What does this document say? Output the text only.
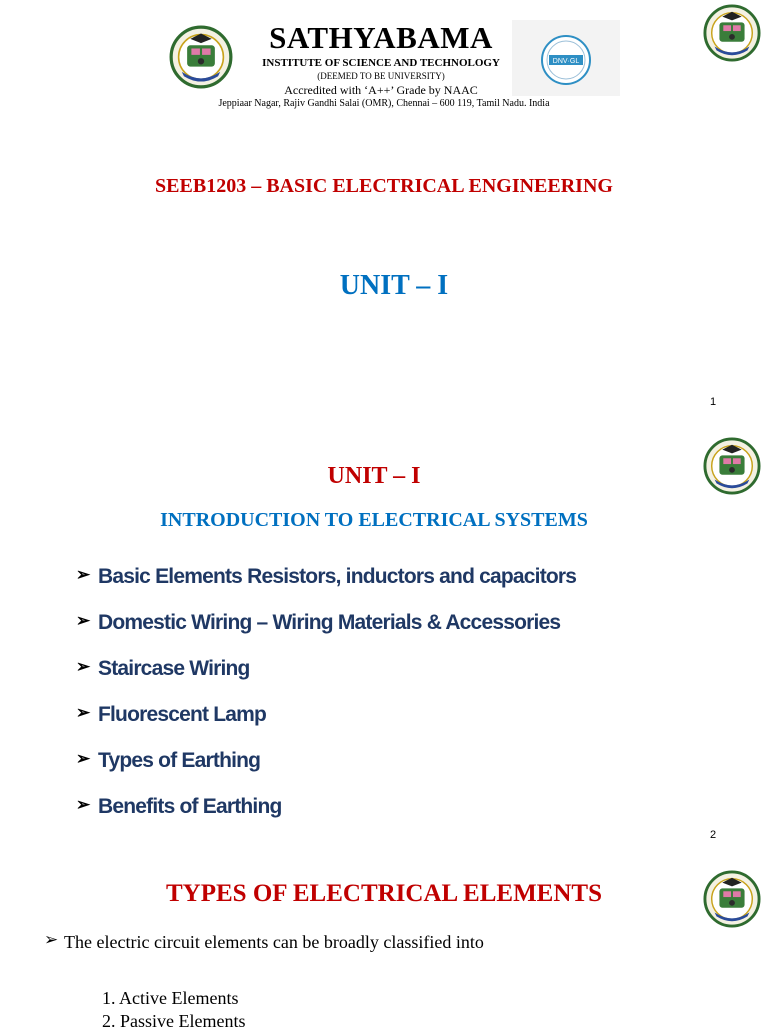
SATHYABAMA
INSTITUTE OF SCIENCE AND TECHNOLOGY
(DEEMED TO BE UNIVERSITY)
Accredited with ‘A++’ Grade by NAAC
Jeppiaar Nagar, Rajiv Gandhi Salai (OMR), Chennai – 600 119, Tamil Nadu. India
DNV·GL
SEEB1203 – BASIC ELECTRICAL ENGINEERING
UNIT – I
1
UNIT – I
INTRODUCTION TO ELECTRICAL SYSTEMS
➢ Basic Elements Resistors, inductors and capacitors
➢ Domestic Wiring – Wiring Materials & Accessories
➢ Staircase Wiring
➢ Fluorescent Lamp
➢ Types of Earthing
➢ Benefits of Earthing
2
TYPES OF ELECTRICAL ELEMENTS
➢ The electric circuit elements can be broadly classified into
1. Active Elements
2. Passive Elements
